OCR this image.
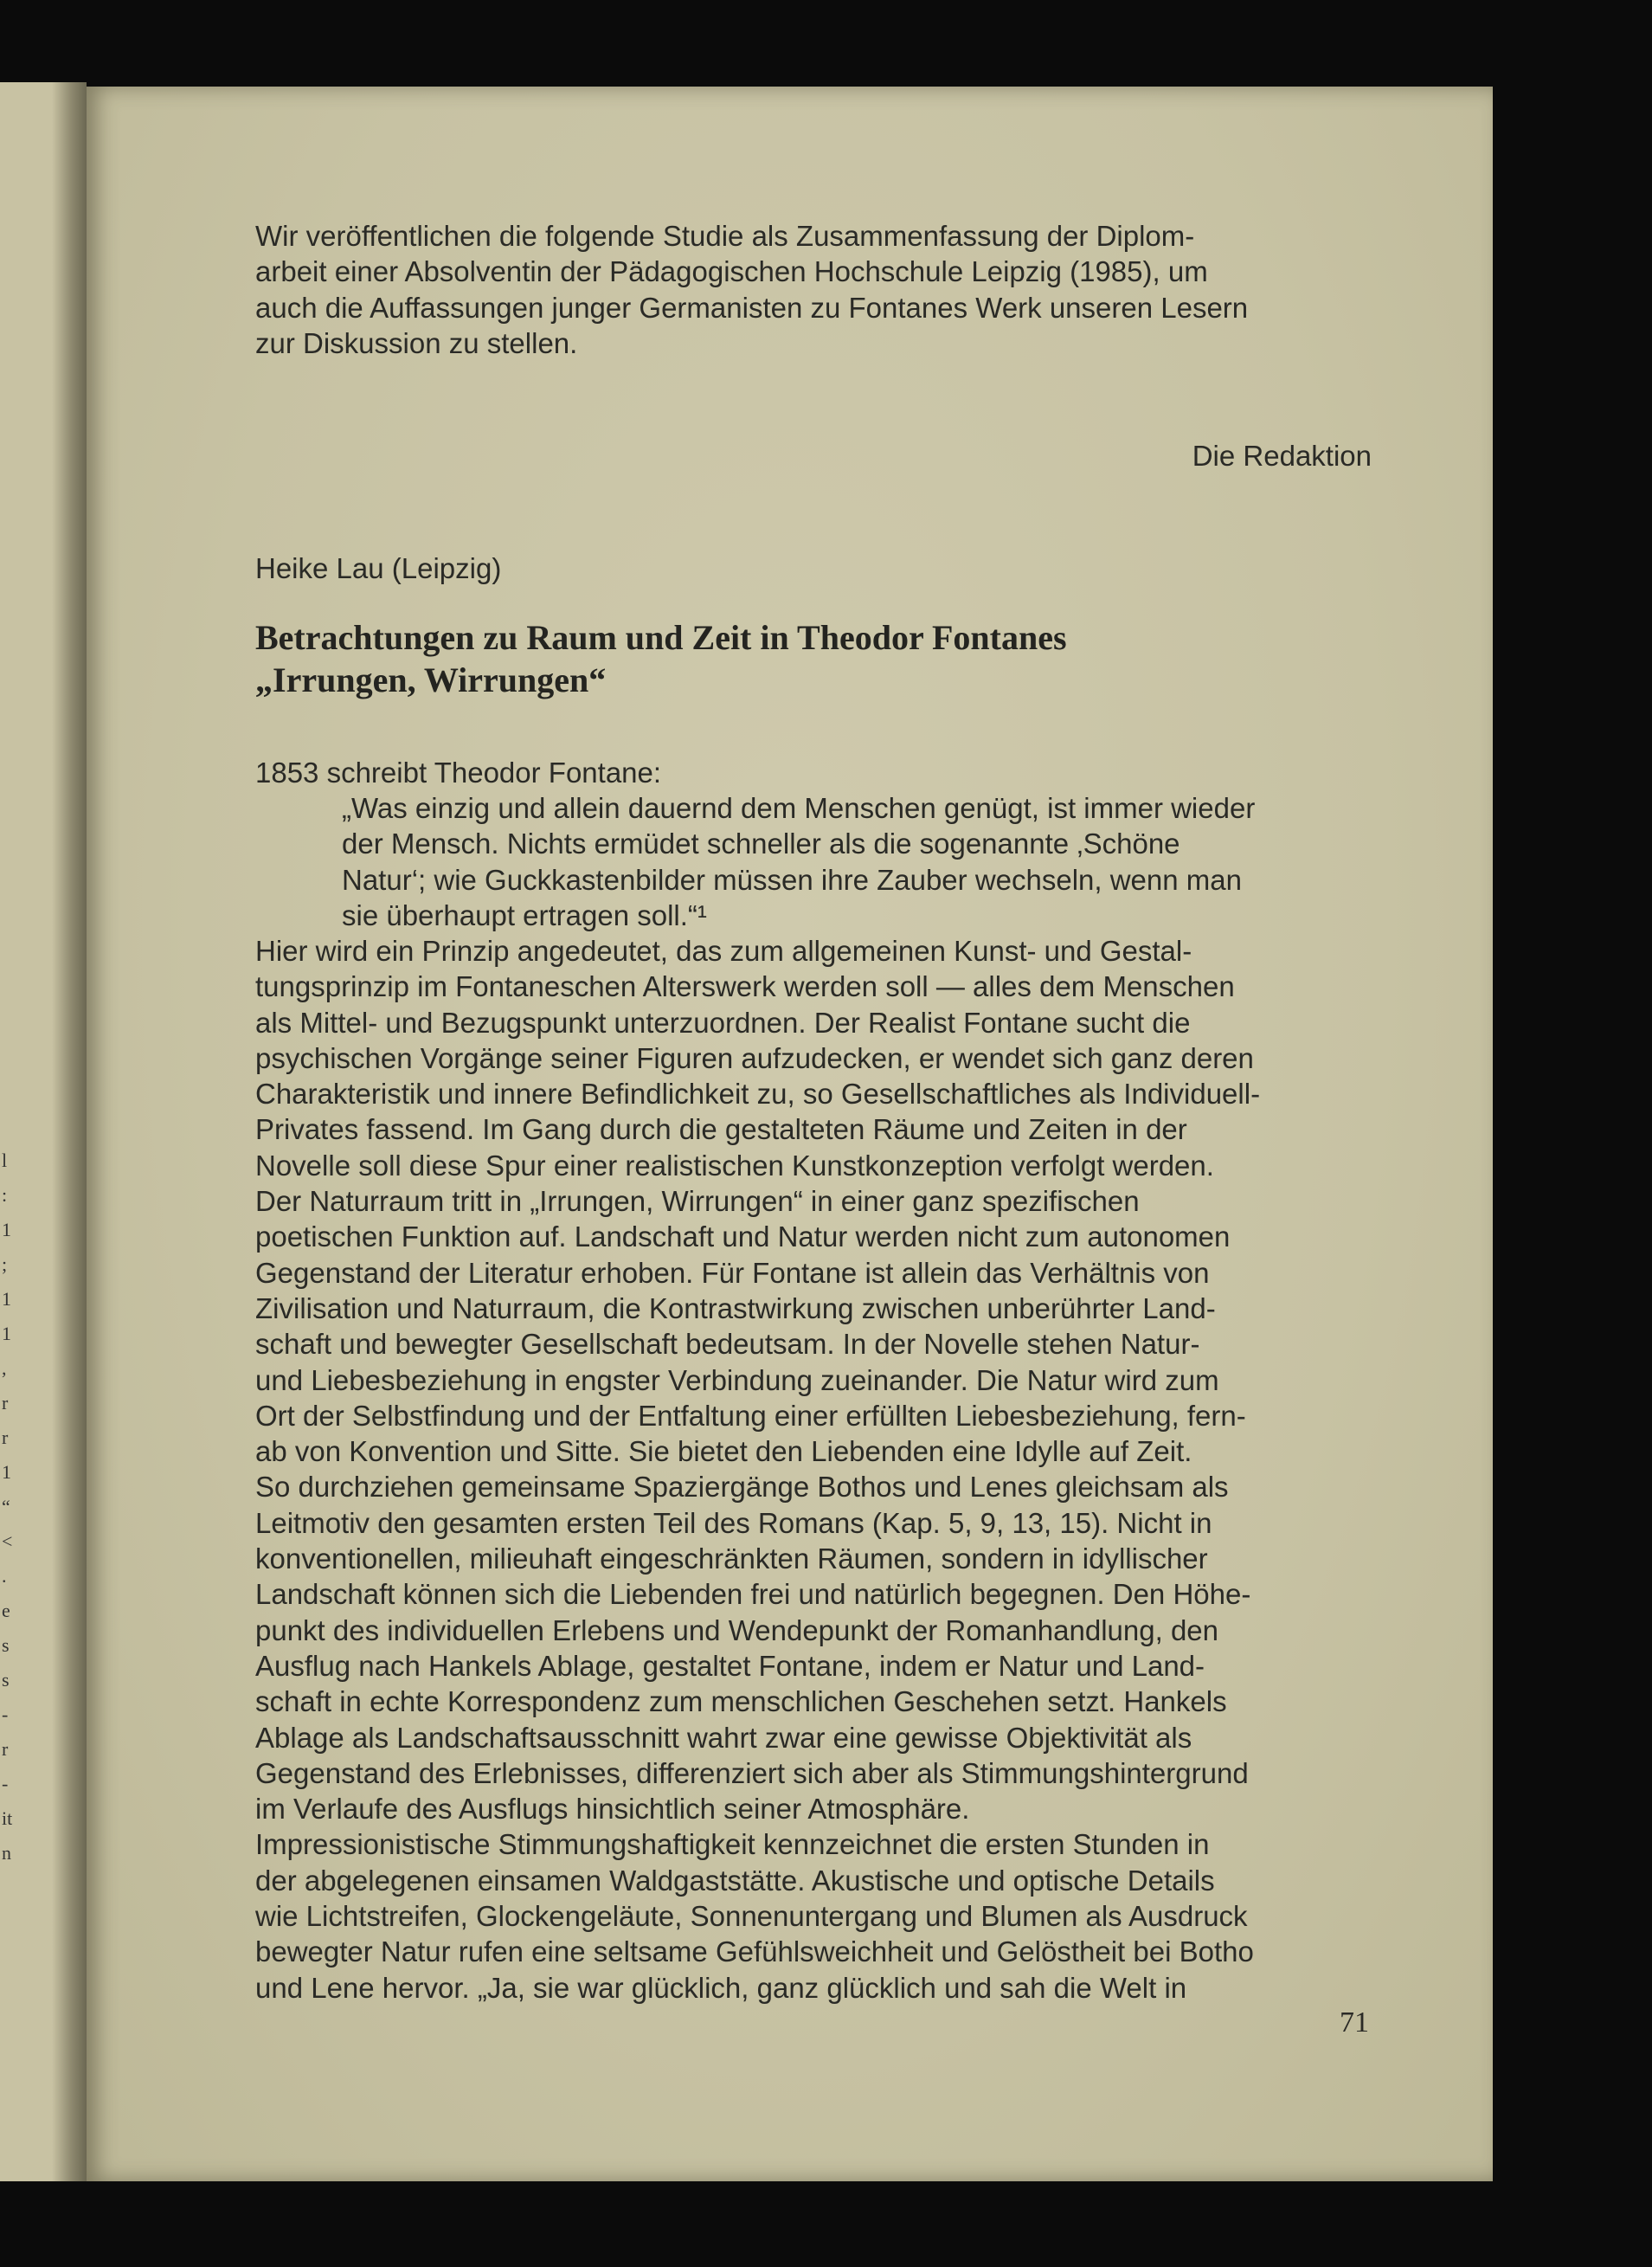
l
:
1
;
1
1
,
r
r
1
“
<
.
e
s
s
-
r
-
it
n
Wir veröffentlichen die folgende Studie als Zusammenfassung der Diplom-
arbeit einer Absolventin der Pädagogischen Hochschule Leipzig (1985), um
auch die Auffassungen junger Germanisten zu Fontanes Werk unseren Lesern
zur Diskussion zu stellen.
Die Redaktion
Heike Lau (Leipzig)
Betrachtungen zu Raum und Zeit in Theodor Fontanes
„Irrungen, Wirrungen“
1853 schreibt Theodor Fontane:
„Was einzig und allein dauernd dem Menschen genügt, ist immer wieder
der Mensch. Nichts ermüdet schneller als die sogenannte ‚Schöne
Natur‘; wie Guckkastenbilder müssen ihre Zauber wechseln, wenn man
sie überhaupt ertragen soll.“¹
Hier wird ein Prinzip angedeutet, das zum allgemeinen Kunst- und Gestal-
tungsprinzip im Fontaneschen Alterswerk werden soll — alles dem Menschen
als Mittel- und Bezugspunkt unterzuordnen. Der Realist Fontane sucht die
psychischen Vorgänge seiner Figuren aufzudecken, er wendet sich ganz deren
Charakteristik und innere Befindlichkeit zu, so Gesellschaftliches als Individuell-
Privates fassend. Im Gang durch die gestalteten Räume und Zeiten in der
Novelle soll diese Spur einer realistischen Kunstkonzeption verfolgt werden.
Der Naturraum tritt in „Irrungen, Wirrungen“ in einer ganz spezifischen
poetischen Funktion auf. Landschaft und Natur werden nicht zum autonomen
Gegenstand der Literatur erhoben. Für Fontane ist allein das Verhältnis von
Zivilisation und Naturraum, die Kontrastwirkung zwischen unberührter Land-
schaft und bewegter Gesellschaft bedeutsam. In der Novelle stehen Natur-
und Liebesbeziehung in engster Verbindung zueinander. Die Natur wird zum
Ort der Selbstfindung und der Entfaltung einer erfüllten Liebesbeziehung, fern-
ab von Konvention und Sitte. Sie bietet den Liebenden eine Idylle auf Zeit.
So durchziehen gemeinsame Spaziergänge Bothos und Lenes gleichsam als
Leitmotiv den gesamten ersten Teil des Romans (Kap. 5, 9, 13, 15). Nicht in
konventionellen, milieuhaft eingeschränkten Räumen, sondern in idyllischer
Landschaft können sich die Liebenden frei und natürlich begegnen. Den Höhe-
punkt des individuellen Erlebens und Wendepunkt der Romanhandlung, den
Ausflug nach Hankels Ablage, gestaltet Fontane, indem er Natur und Land-
schaft in echte Korrespondenz zum menschlichen Geschehen setzt. Hankels
Ablage als Landschaftsausschnitt wahrt zwar eine gewisse Objektivität als
Gegenstand des Erlebnisses, differenziert sich aber als Stimmungshintergrund
im Verlaufe des Ausflugs hinsichtlich seiner Atmosphäre.
Impressionistische Stimmungshaftigkeit kennzeichnet die ersten Stunden in
der abgelegenen einsamen Waldgaststätte. Akustische und optische Details
wie Lichtstreifen, Glockengeläute, Sonnenuntergang und Blumen als Ausdruck
bewegter Natur rufen eine seltsame Gefühlsweichheit und Gelöstheit bei Botho
und Lene hervor. „Ja, sie war glücklich, ganz glücklich und sah die Welt in
71
